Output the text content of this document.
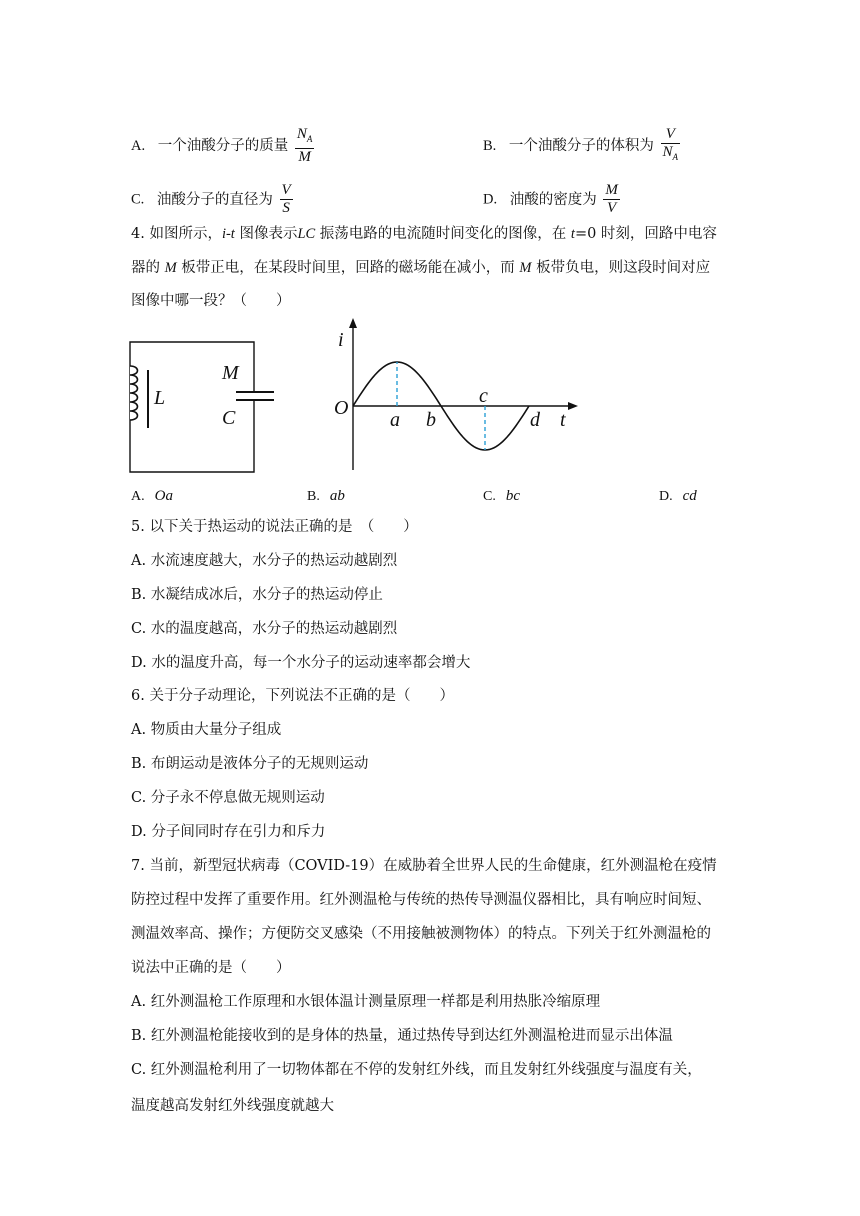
A. 一个油酸分子的质量 $\frac{N_A}{M}$	B. 一个油酸分子的体积为 $\frac{V}{N_A}$
C. 油酸分子的直径为 $\frac{V}{S}$	D. 油酸的密度为 $\frac{M}{V}$
4. 如图所示，i-t 图像表示LC 振荡电路的电流随时间变化的图像，在 t=0 时刻，回路中电容
器的 M 板带正电，在某段时间里，回路的磁场能在减小，而 M 板带负电，则这段时间对应
图像中哪一段？（　　）
L
M
C
i
O
a b
c
d t
A. Oa	B. ab	C. bc	D. cd
5. 以下关于热运动的说法正确的是　（　　）
A. 水流速度越大，水分子的热运动越剧烈
B. 水凝结成冰后，水分子的热运动停止
C. 水的温度越高，水分子的热运动越剧烈
D. 水的温度升高，每一个水分子的运动速率都会增大
6. 关于分子动理论，下列说法不正确的是（　　）
A. 物质由大量分子组成
B. 布朗运动是液体分子的无规则运动
C. 分子永不停息做无规则运动
D. 分子间同时存在引力和斥力
7. 当前，新型冠状病毒（COVID-19）在威胁着全世界人民的生命健康，红外测温枪在疫情
防控过程中发挥了重要作用。红外测温枪与传统的热传导测温仪器相比，具有响应时间短、
测温效率高、操作；方便防交叉感染（不用接触被测物体）的特点。下列关于红外测温枪的
说法中正确的是（　　）
A. 红外测温枪工作原理和水银体温计测量原理一样都是利用热胀冷缩原理
B. 红外测温枪能接收到的是身体的热量，通过热传导到达红外测温枪进而显示出体温
C. 红外测温枪利用了一切物体都在不停的发射红外线，而且发射红外线强度与温度有关，
温度越高发射红外线强度就越大
